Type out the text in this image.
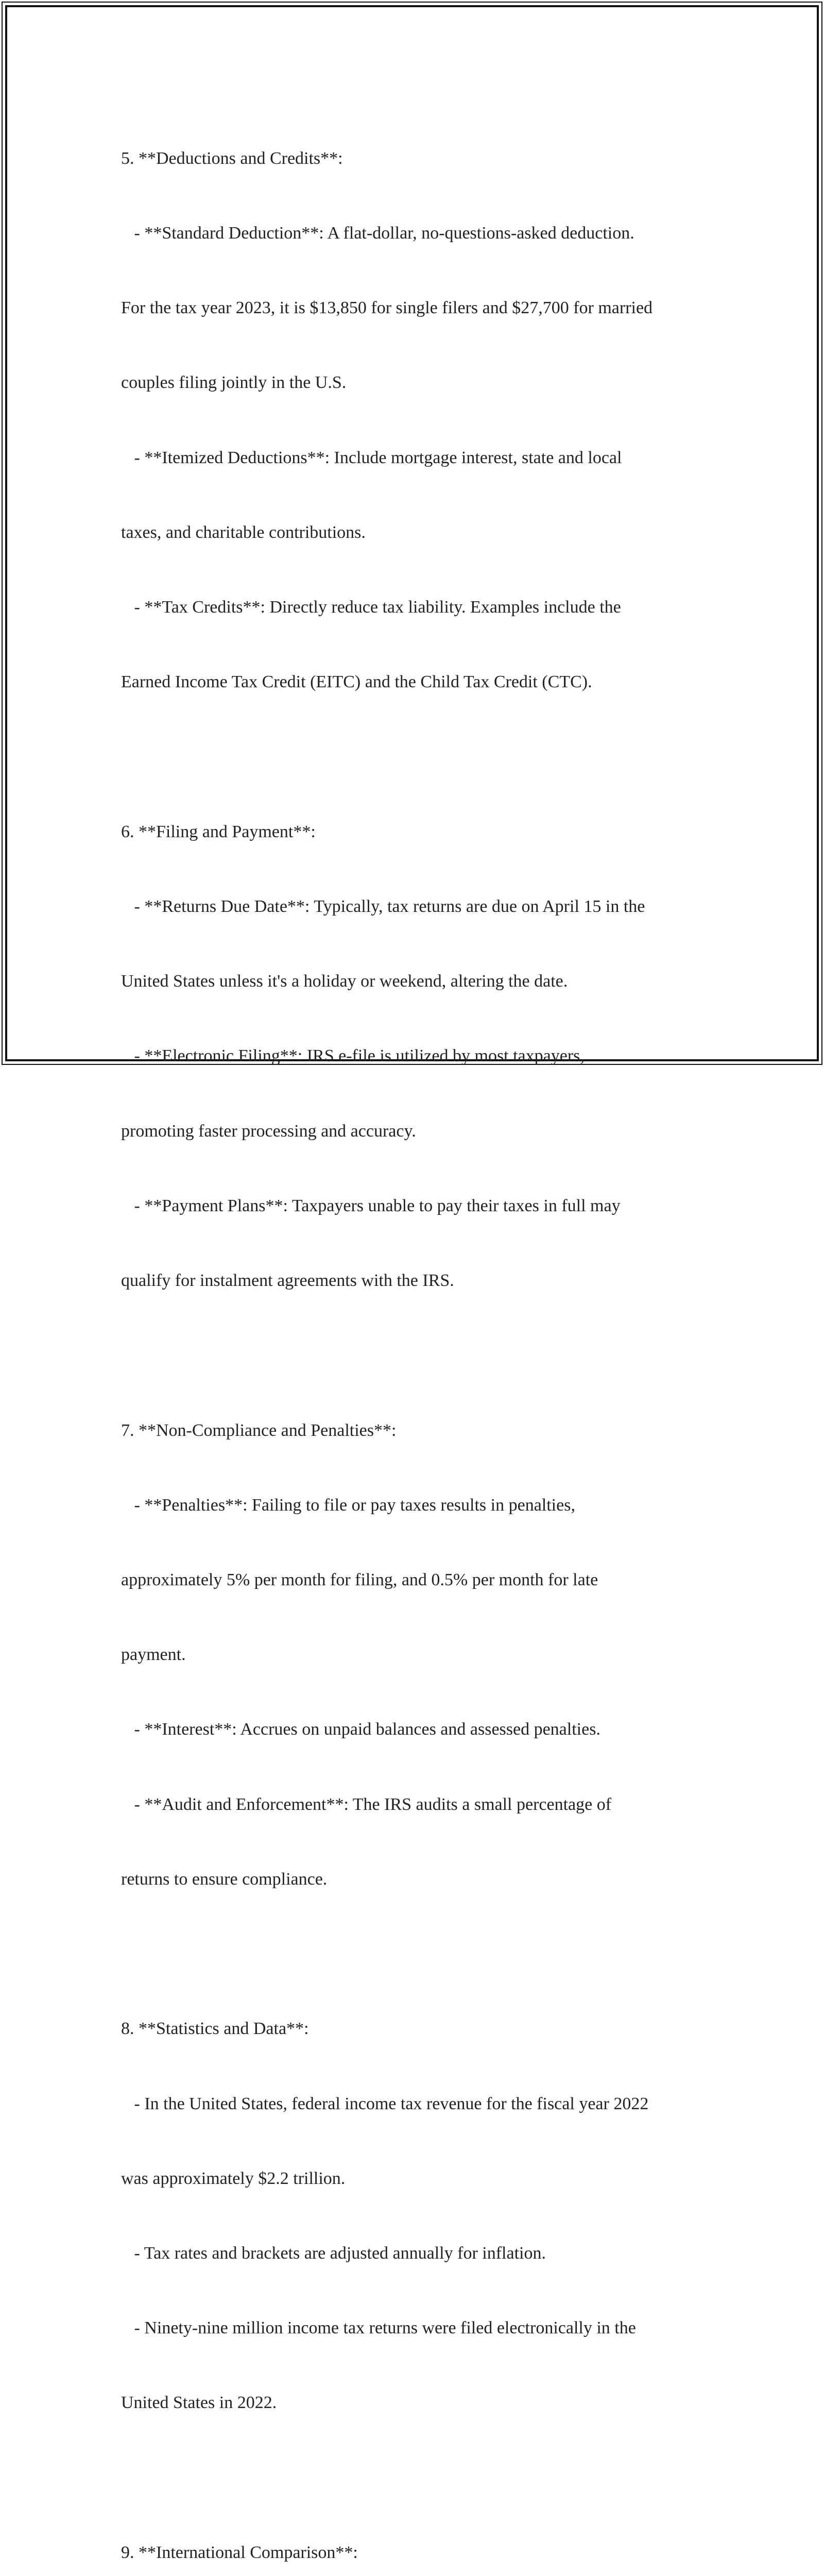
5. **Deductions and Credits**:

- **Standard Deduction**: A flat-dollar, no-questions-asked deduction.

For the tax year 2023, it is $13,850 for single filers and $27,700 for married

couples filing jointly in the U.S.

- **Itemized Deductions**: Include mortgage interest, state and local

taxes, and charitable contributions.

- **Tax Credits**: Directly reduce tax liability. Examples include the

Earned Income Tax Credit (EITC) and the Child Tax Credit (CTC).

6. **Filing and Payment**:

- **Returns Due Date**: Typically, tax returns are due on April 15 in the

United States unless it's a holiday or weekend, altering the date.

- **Electronic Filing**: IRS e-file is utilized by most taxpayers,

promoting faster processing and accuracy.

- **Payment Plans**: Taxpayers unable to pay their taxes in full may

qualify for instalment agreements with the IRS.

7. **Non-Compliance and Penalties**:

- **Penalties**: Failing to file or pay taxes results in penalties,

approximately 5% per month for filing, and 0.5% per month for late

payment.

- **Interest**: Accrues on unpaid balances and assessed penalties.

- **Audit and Enforcement**: The IRS audits a small percentage of

returns to ensure compliance.

8. **Statistics and Data**:

- In the United States, federal income tax revenue for the fiscal year 2022

was approximately $2.2 trillion.

- Tax rates and brackets are adjusted annually for inflation.

- Ninety-nine million income tax returns were filed electronically in the

United States in 2022.

9. **International Comparison**:
